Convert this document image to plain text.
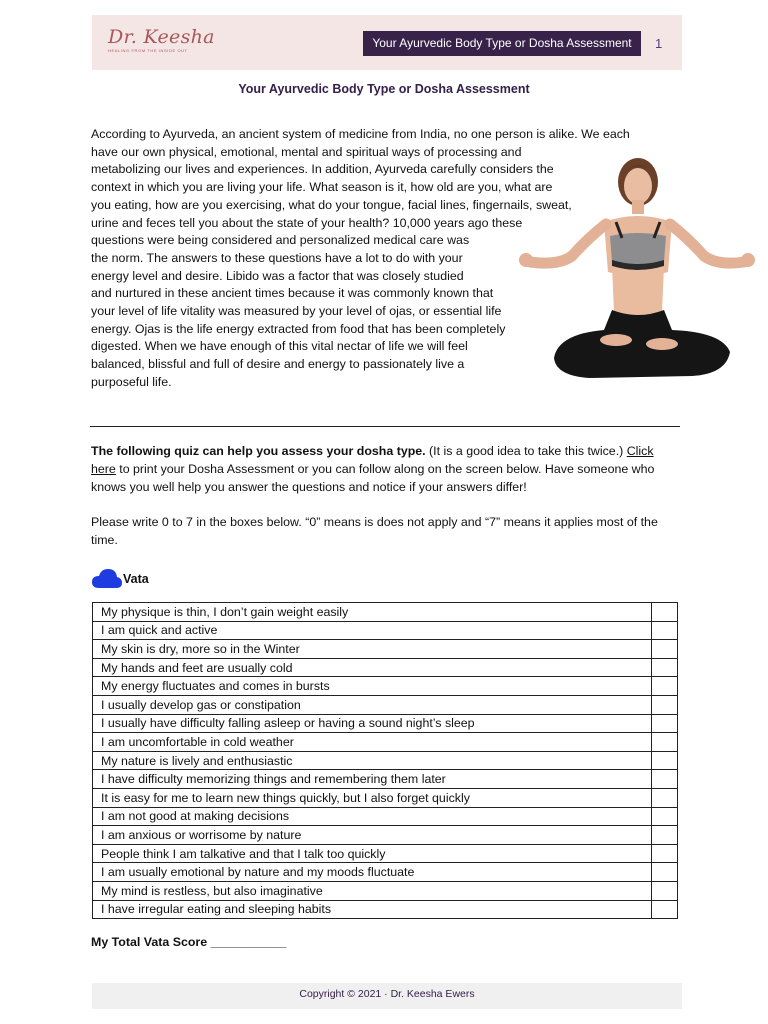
Dr. Keesha
HEALING FROM THE INSIDE OUT
Your Ayurvedic Body Type or Dosha Assessment	1
Your Ayurvedic Body Type or Dosha Assessment
According to Ayurveda, an ancient system of medicine from India, no one person is alike. We each
have our own physical, emotional, mental and spiritual ways of processing and
metabolizing our lives and experiences. In addition, Ayurveda carefully considers the
context in which you are living your life. What season is it, how old are you, what are
you eating, how are you exercising, what do your tongue, facial lines, fingernails, sweat,
urine and feces tell you about the state of your health? 10,000 years ago these
questions were being considered and personalized medical care was
the norm. The answers to these questions have a lot to do with your
energy level and desire. Libido was a factor that was closely studied
and nurtured in these ancient times because it was commonly known that
your level of life vitality was measured by your level of ojas, or essential life
energy. Ojas is the life energy extracted from food that has been completely
digested. When we have enough of this vital nectar of life we will feel
balanced, blissful and full of desire and energy to passionately live a
purposeful life.
The following quiz can help you assess your dosha type. (It is a good idea to take this twice.) Click here to print your Dosha Assessment or you can follow along on the screen below. Have someone who knows you well help you answer the questions and notice if your answers differ!
Please write 0 to 7 in the boxes below. “0” means is does not apply and “7” means it applies most of the time.
Vata
My physique is thin, I don’t gain weight easily	
I am quick and active	
My skin is dry, more so in the Winter	
My hands and feet are usually cold	
My energy fluctuates and comes in bursts	
I usually develop gas or constipation	
I usually have difficulty falling asleep or having a sound night’s sleep	
I am uncomfortable in cold weather	
My nature is lively and enthusiastic	
I have difficulty memorizing things and remembering them later	
It is easy for me to learn new things quickly, but I also forget quickly	
I am not good at making decisions	
I am anxious or worrisome by nature	
People think I am talkative and that I talk too quickly	
I am usually emotional by nature and my moods fluctuate	
My mind is restless, but also imaginative	
I have irregular eating and sleeping habits	
My Total Vata Score ___________
Copyright © 2021 · Dr. Keesha Ewers
